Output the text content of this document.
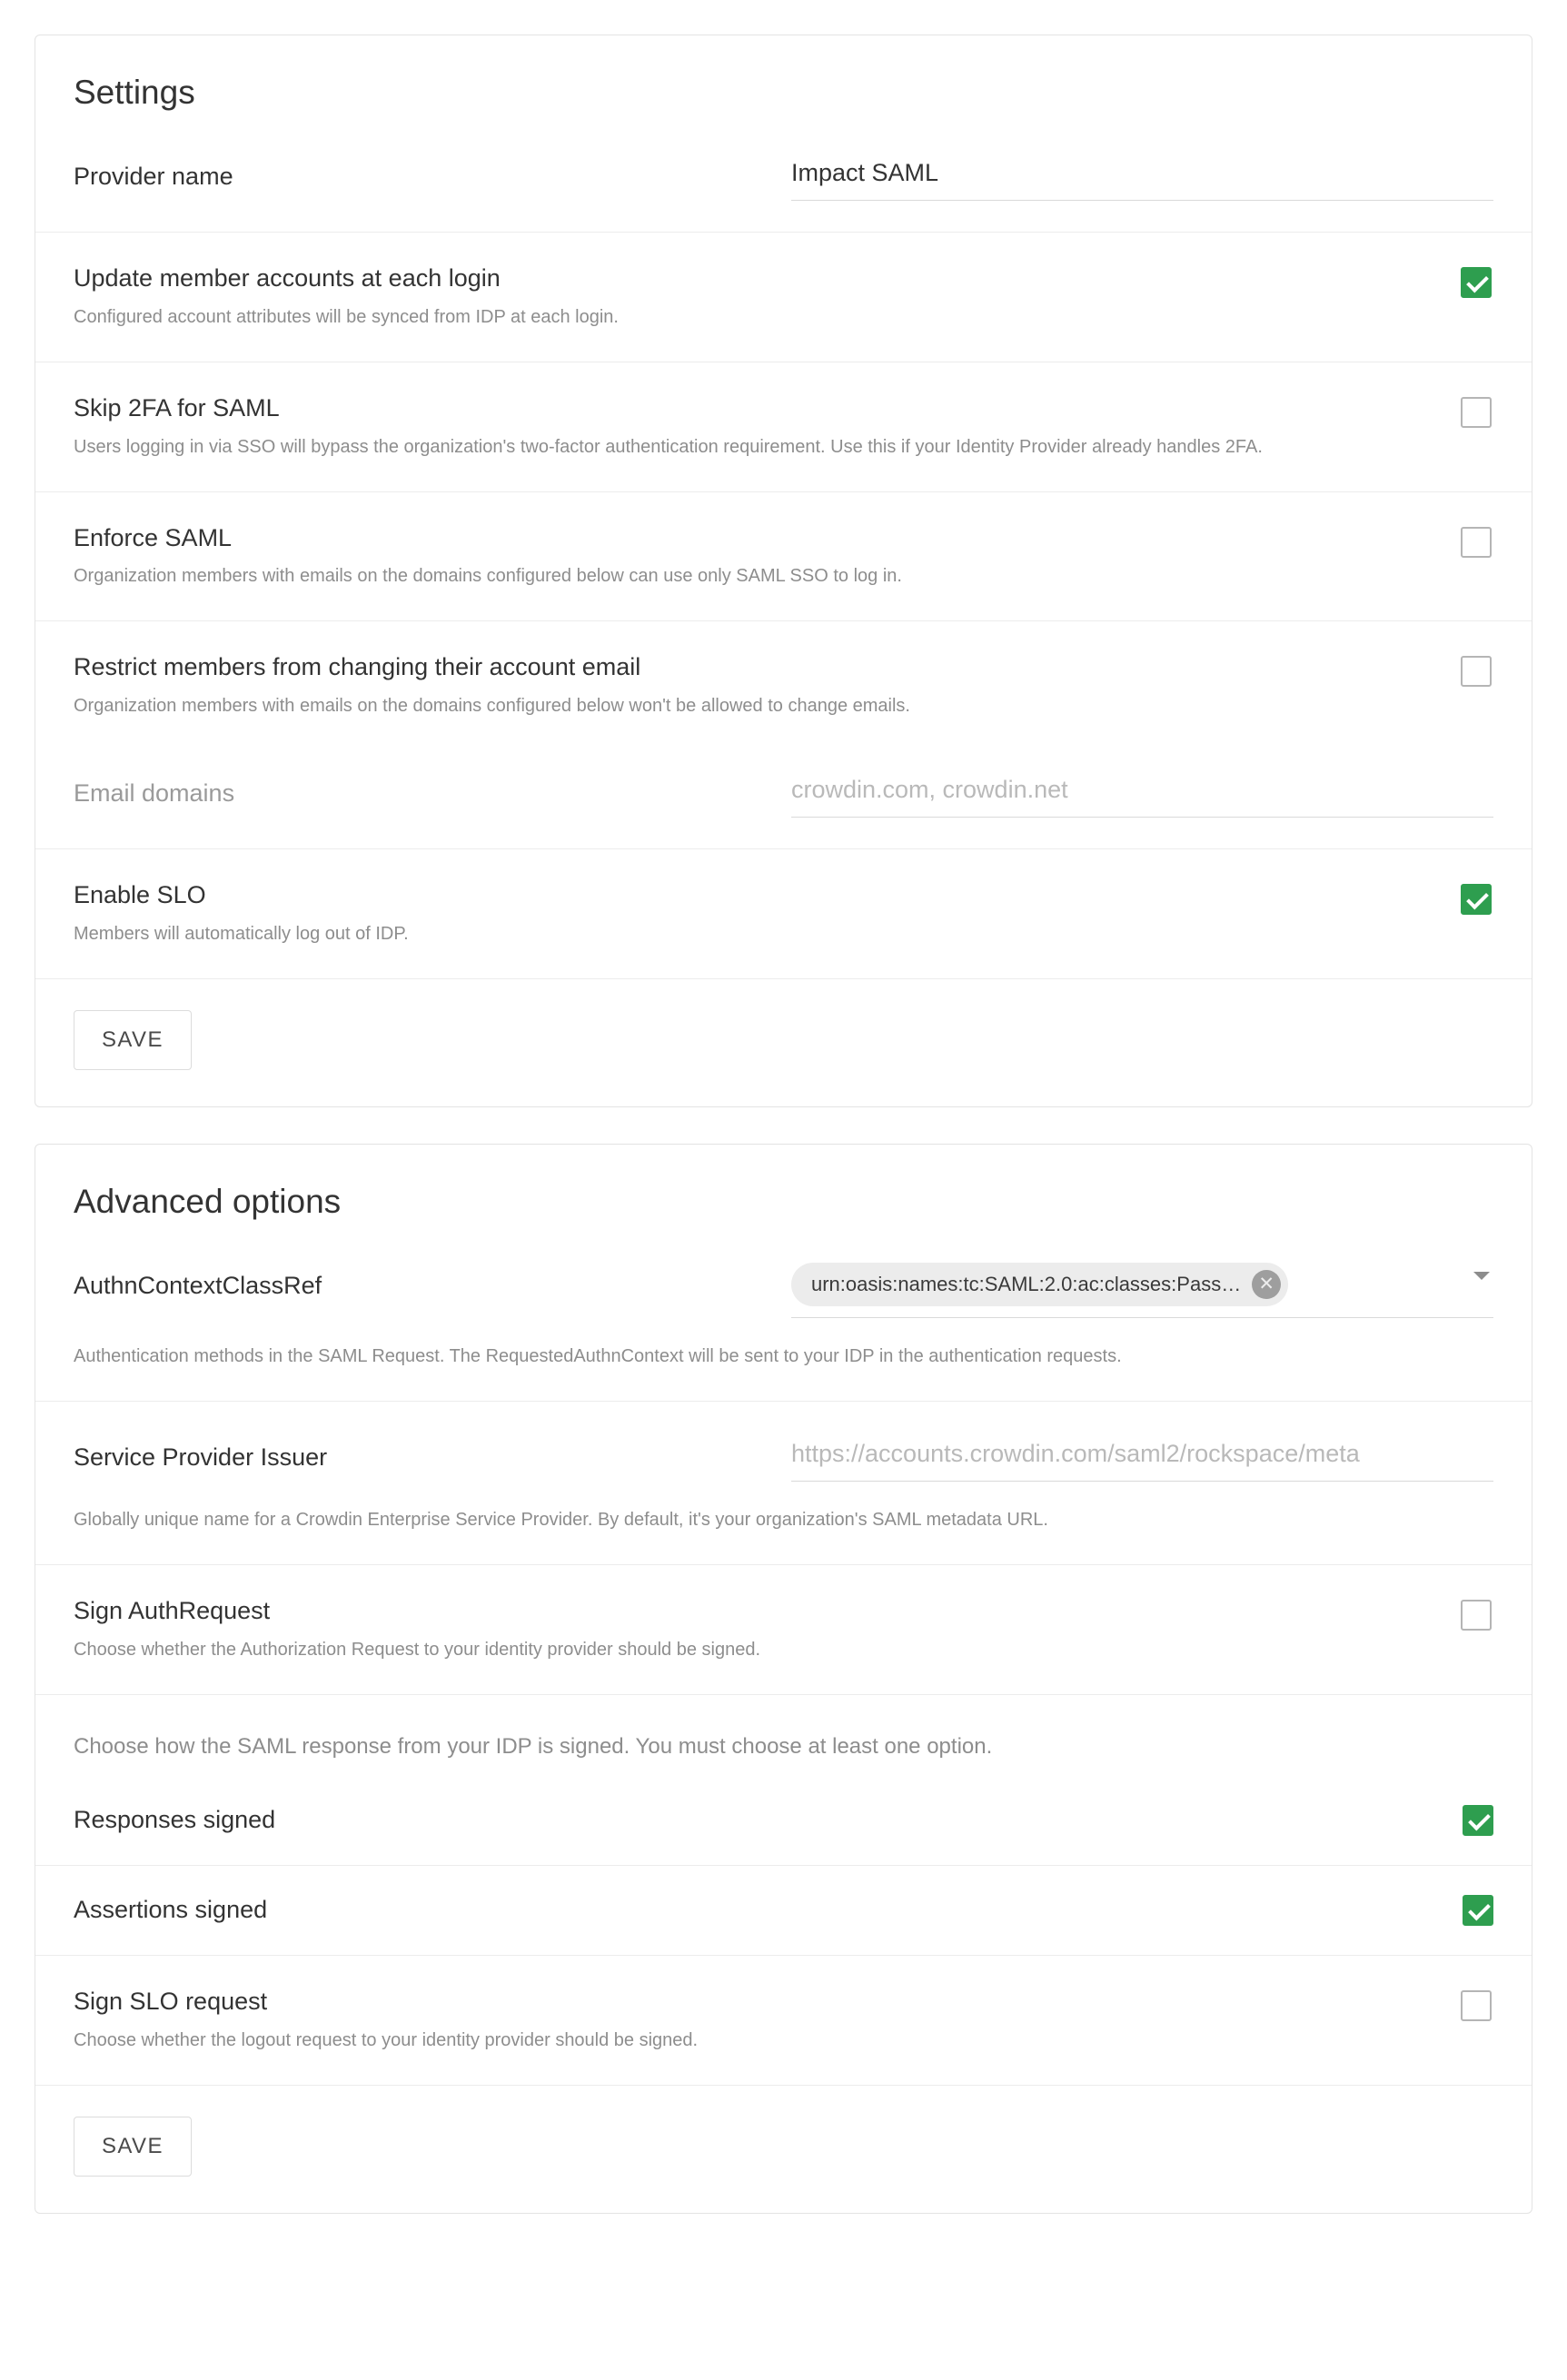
Settings
Provider name
Impact SAML
Update member accounts at each login
Configured account attributes will be synced from IDP at each login.
Skip 2FA for SAML
Users logging in via SSO will bypass the organization's two-factor authentication requirement. Use this if your Identity Provider already handles 2FA.
Enforce SAML
Organization members with emails on the domains configured below can use only SAML SSO to log in.
Restrict members from changing their account email
Organization members with emails on the domains configured below won't be allowed to change emails.
Email domains
crowdin.com, crowdin.net
Enable SLO
Members will automatically log out of IDP.
SAVE
Advanced options
AuthnContextClassRef	urn:oasis:names:tc:SAML:2.0:ac:classes:Pass… ✕
Authentication methods in the SAML Request. The RequestedAuthnContext will be sent to your IDP in the authentication requests.
Service Provider Issuer
https://accounts.crowdin.com/saml2/rockspace/meta
Globally unique name for a Crowdin Enterprise Service Provider. By default, it's your organization's SAML metadata URL.
Sign AuthRequest
Choose whether the Authorization Request to your identity provider should be signed.
Choose how the SAML response from your IDP is signed. You must choose at least one option.
Responses signed
Assertions signed
Sign SLO request
Choose whether the logout request to your identity provider should be signed.
SAVE
